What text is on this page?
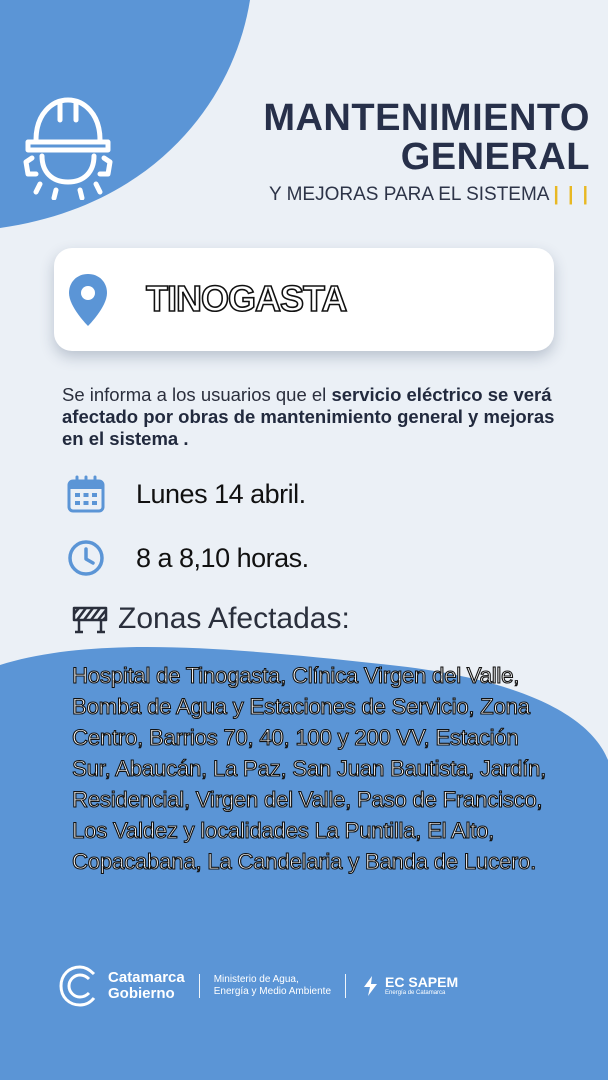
MANTENIMIENTO
GENERAL
Y MEJORAS PARA EL SISTEMA | | |
TINOGASTA
Se informa a los usuarios que el servicio eléctrico se verá afectado por obras de mantenimiento general y mejoras en el sistema .
Lunes 14 abril.
8 a 8,10 horas.
Zonas Afectadas:
Hospital de Tinogasta, Clínica Virgen del Valle, Bomba de Agua y Estaciones de Servicio, Zona Centro, Barrios 70, 40, 100 y 200 VV, Estación Sur, Abaucán, La Paz, San Juan Bautista, Jardín, Residencial, Virgen del Valle, Paso de Francisco, Los Valdez y localidades La Puntilla, El Alto, Copacabana, La Candelaria y Banda de Lucero.
Catamarca
Gobierno
Ministerio de Agua,
Energía y Medio Ambiente
EC SAPEM
Energía de Catamarca
